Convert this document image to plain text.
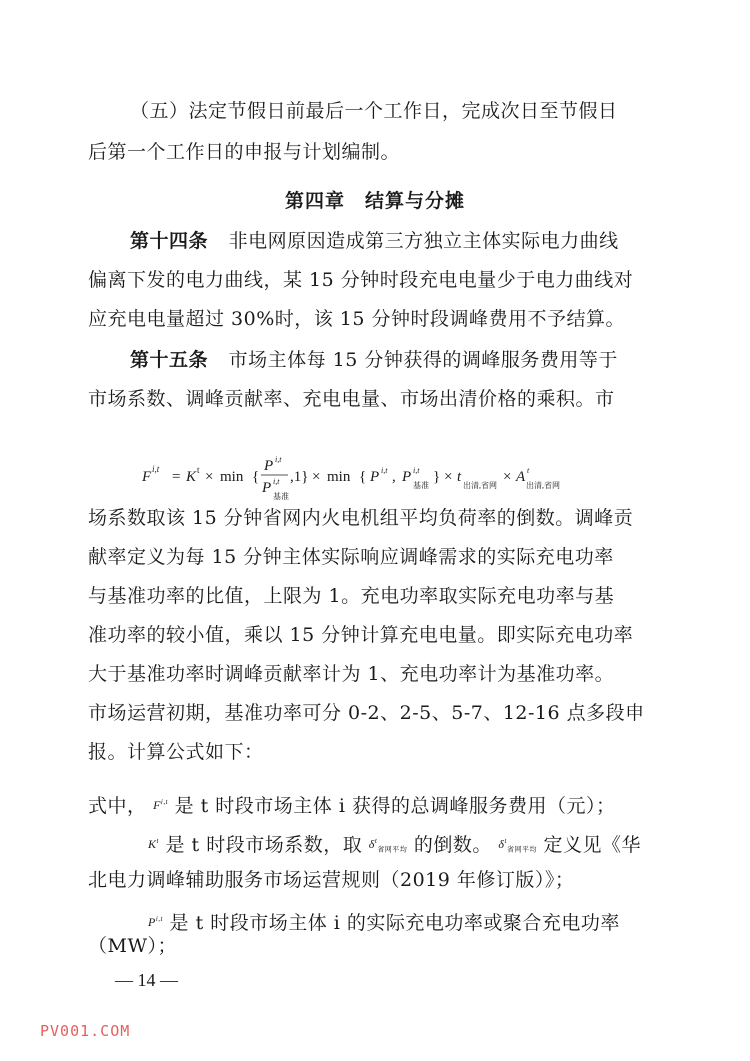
（五）法定节假日前最后一个工作日，完成次日至节假日
后第一个工作日的申报与计划编制。
第四章　结算与分摊
第十四条 非电网原因造成第三方独立主体实际电力曲线
偏离下发的电力曲线，某 15 分钟时段充电电量少于电力曲线对
应充电电量超过 30%时，该 15 分钟时段调峰费用不予结算。
第十五条 市场主体每 15 分钟获得的调峰服务费用等于
市场系数、调峰贡献率、充电电量、市场出清价格的乘积。市
F i,t = K t × min {
P i,t
P i,t
基准
,1} × min { P i,t , P i,t
基准
} × t
出清,省网
× A t
出清,省网
场系数取该 15 分钟省网内火电机组平均负荷率的倒数。调峰贡
献率定义为每 15 分钟主体实际响应调峰需求的实际充电功率
与基准功率的比值，上限为 1。充电功率取实际充电功率与基
准功率的较小值，乘以 15 分钟计算充电电量。即实际充电功率
大于基准功率时调峰贡献率计为 1、充电功率计为基准功率。
市场运营初期，基准功率可分 0-2、2-5、5-7、12-16 点多段申
报。计算公式如下：
式中， F$^{i,t}$ 是 t 时段市场主体 i 获得的总调峰服务费用（元）；
$K^t$ 是 t 时段市场系数，取 $\delta^t_{省网平均}$ 的倒数。 $\delta^t_{省网平均}$ 定义见《华
北电力调峰辅助服务市场运营规则（2019 年修订版）》；
P$^{i,t}$ 是 t 时段市场主体 i 的实际充电功率或聚合充电功率
（MW）；
— 14 —
PV001.COM
